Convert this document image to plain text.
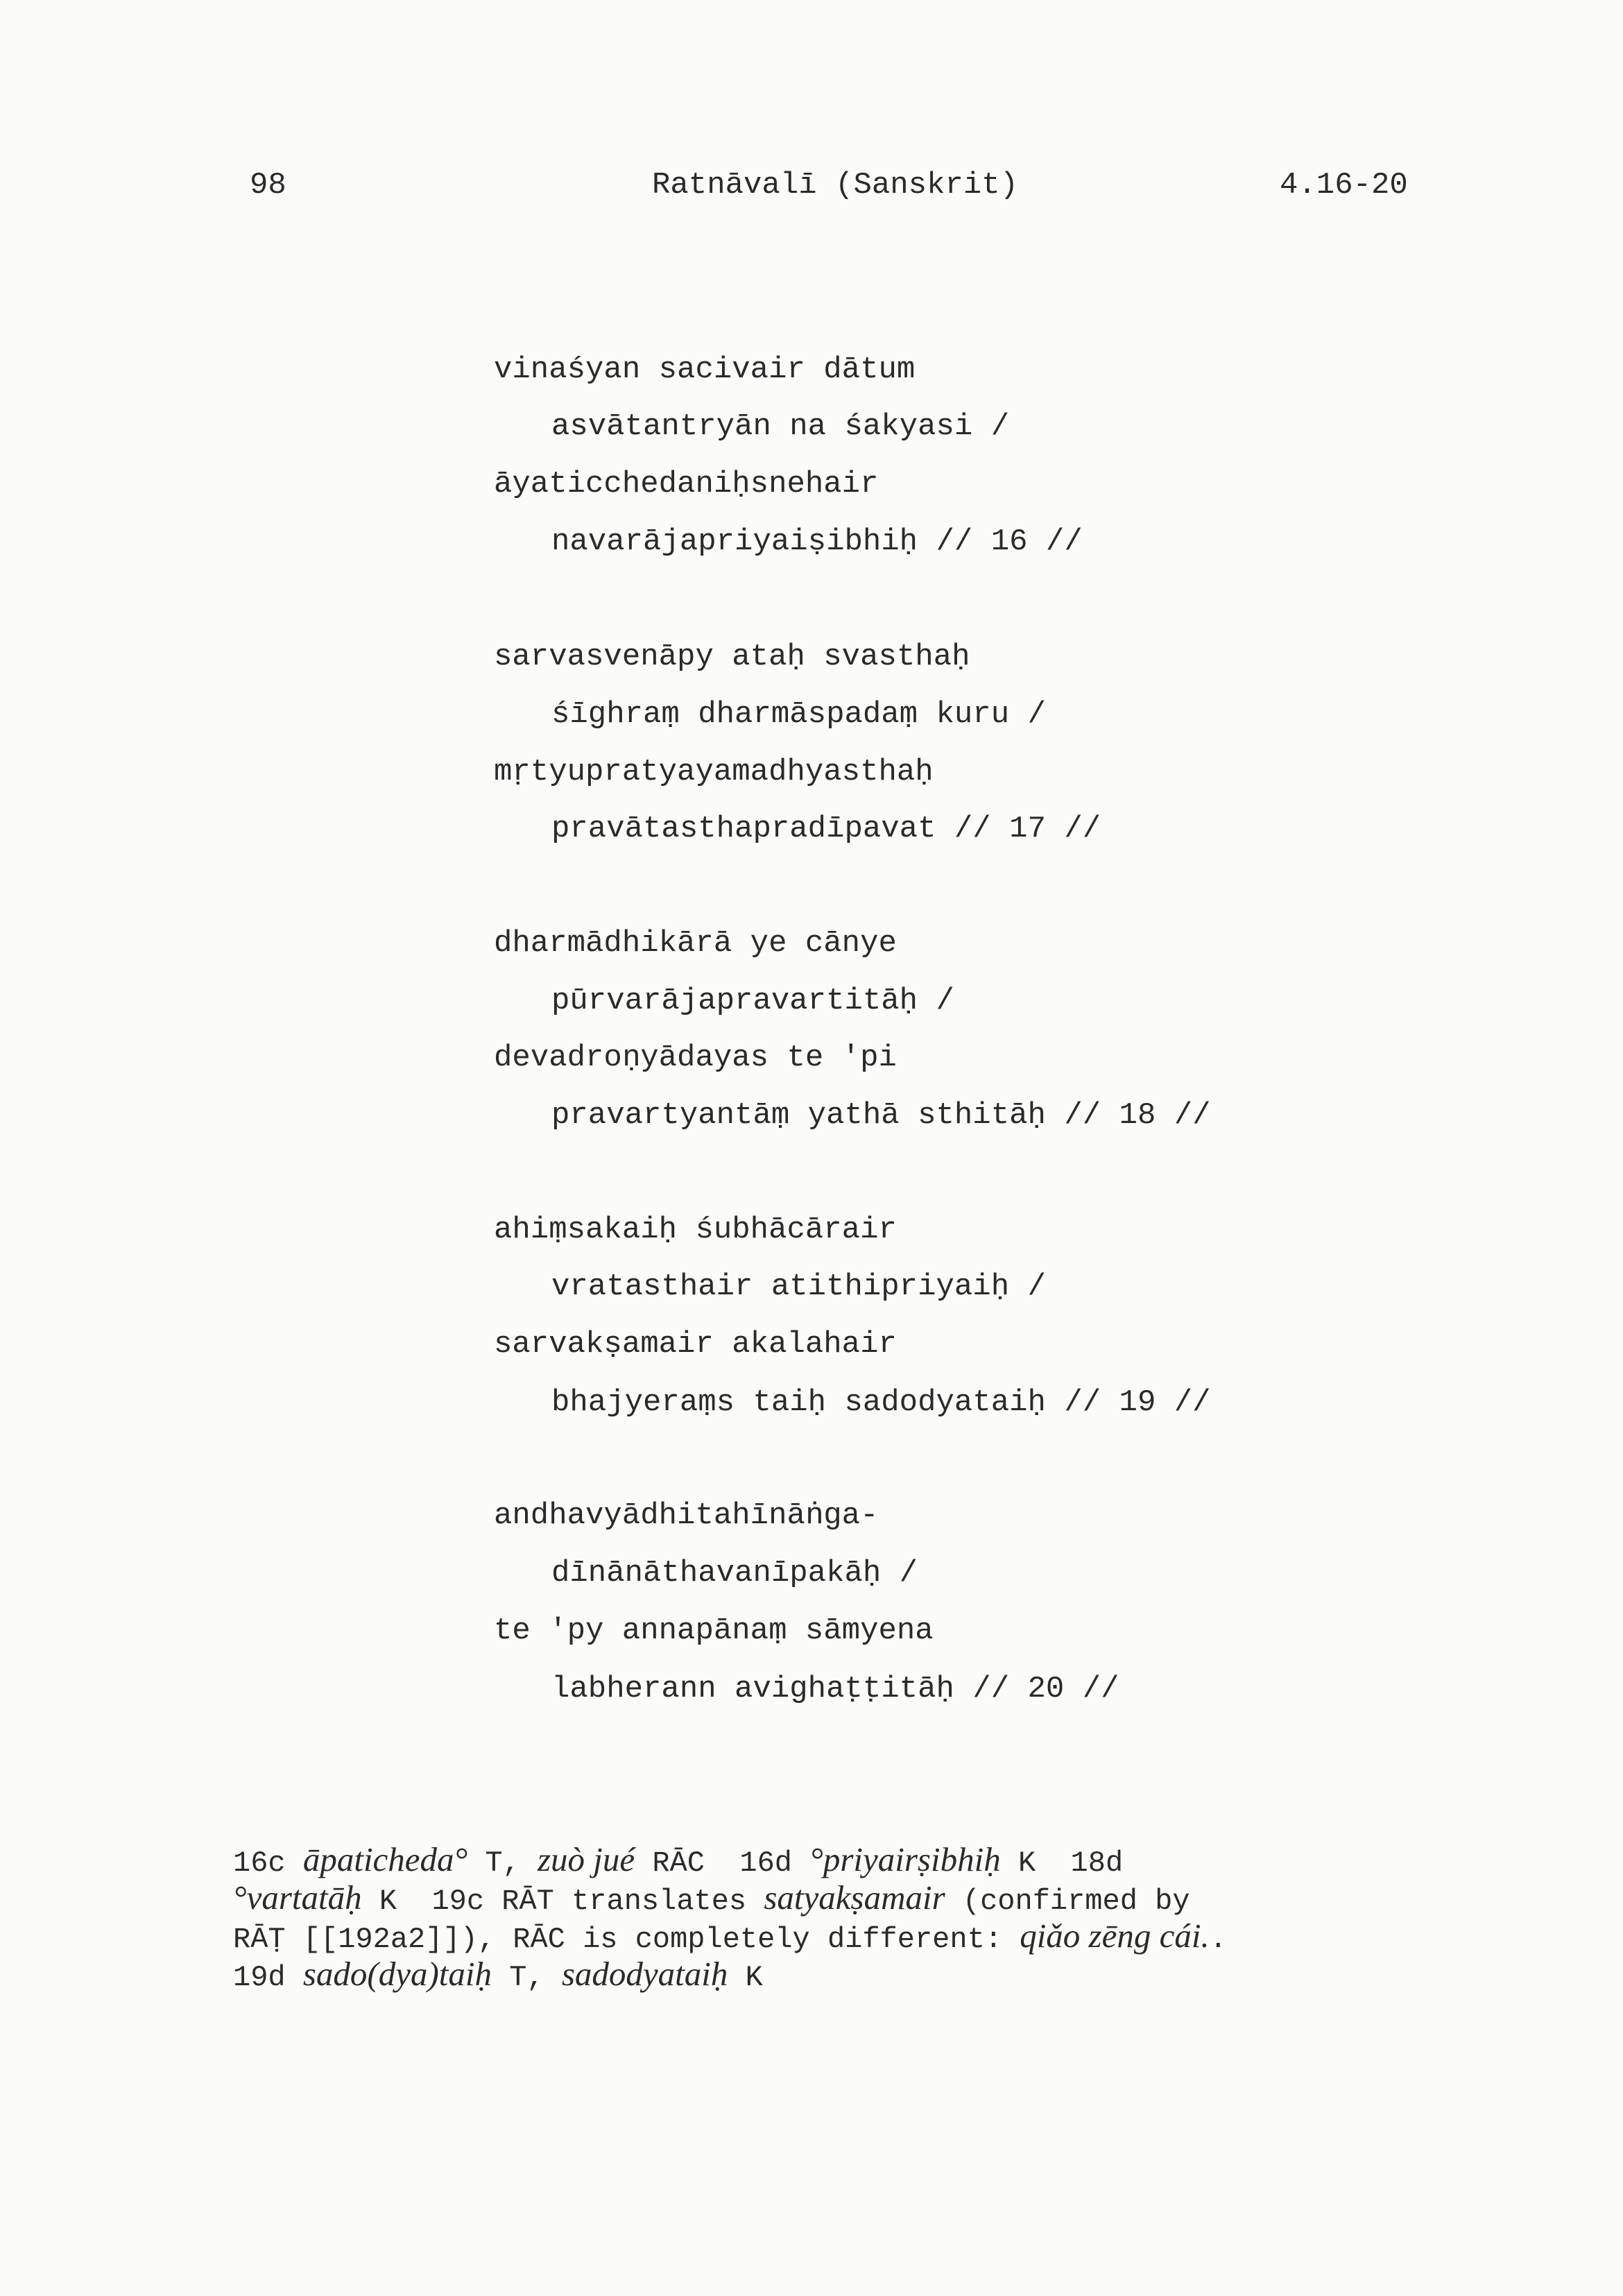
98	Ratnāvalī (Sanskrit)	4.16-20
vinaśyan sacivair dātum
asvātantryān na śakyasi /
āyaticchedaniḥsnehair
navarājapriyaiṣibhiḥ // 16 //
sarvasvenāpy ataḥ svasthaḥ
śīghraṃ dharmāspadaṃ kuru /
mṛtyupratyayamadhyasthaḥ
pravātasthapradīpavat // 17 //
dharmādhikārā ye cānye
pūrvarājapravartitāḥ /
devadroṇyādayas te 'pi
pravartyantāṃ yathā sthitāḥ // 18 //
ahiṃsakaiḥ śubhācārair
vratasthair atithipriyaiḥ /
sarvakṣamair akalahair
bhajyeraṃs taiḥ sadodyataiḥ // 19 //
andhavyādhitahīnāṅga-
dīnānāthavanīpakāḥ /
te 'py annapānaṃ sāmyena
labherann avighaṭṭitāḥ // 20 //
16c āpaticheda° T, zuò jué RĀC  16d °priyairṣibhiḥ K  18d
°vartatāḥ K  19c RĀT translates satyakṣamair (confirmed by
RĀṬ [[192a2]]), RĀC is completely different: qiǎo zēng cái..
19d sado(dya)taiḥ T, sadodyataiḥ K
